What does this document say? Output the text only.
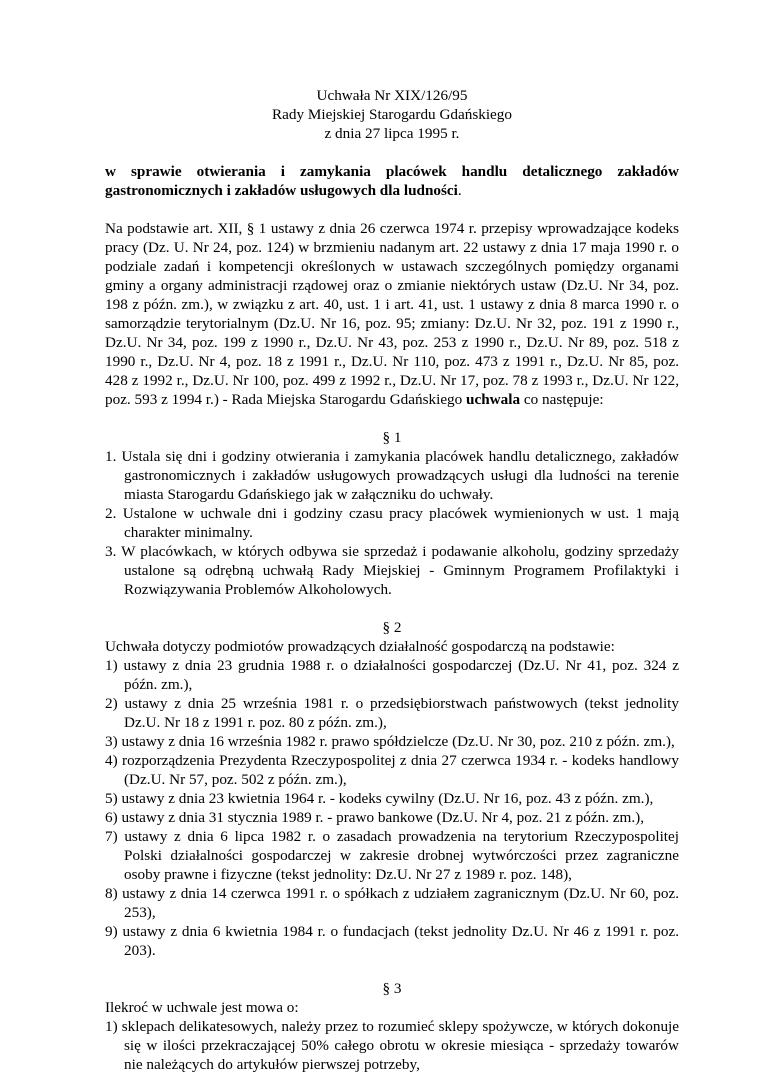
Uchwała Nr XIX/126/95
Rady Miejskiej Starogardu Gdańskiego
z dnia 27 lipca 1995 r.
w sprawie otwierania i zamykania placówek handlu detalicznego zakładów gastronomicznych i zakładów usługowych dla ludności.
Na podstawie art. XII, § 1 ustawy z dnia 26 czerwca 1974 r. przepisy wprowadzające kodeks pracy (Dz. U. Nr 24, poz. 124) w brzmieniu nadanym art. 22 ustawy z dnia 17 maja 1990 r. o podziale zadań i kompetencji określonych w ustawach szczególnych pomiędzy organami gminy a organy administracji rządowej oraz o zmianie niektórych ustaw (Dz.U. Nr 34, poz. 198 z późn. zm.), w związku z art. 40, ust. 1 i art. 41, ust. 1 ustawy z dnia 8 marca 1990 r. o samorządzie terytorialnym (Dz.U. Nr 16, poz. 95; zmiany: Dz.U. Nr 32, poz. 191 z 1990 r., Dz.U. Nr 34, poz. 199 z 1990 r., Dz.U. Nr 43, poz. 253 z 1990 r., Dz.U. Nr 89, poz. 518 z 1990 r., Dz.U. Nr 4, poz. 18 z 1991 r., Dz.U. Nr 110, poz. 473 z 1991 r., Dz.U. Nr 85, poz. 428 z 1992 r., Dz.U. Nr 100, poz. 499 z 1992 r., Dz.U. Nr 17, poz. 78 z 1993 r., Dz.U. Nr 122, poz. 593 z 1994 r.) - Rada Miejska Starogardu Gdańskiego uchwala co następuje:
§ 1
1. Ustala się dni i godziny otwierania i zamykania placówek handlu detalicznego, zakładów gastronomicznych i zakładów usługowych prowadzących usługi dla ludności na terenie miasta Starogardu Gdańskiego jak w załączniku do uchwały.
2. Ustalone w uchwale dni i godziny czasu pracy placówek wymienionych w ust. 1 mają charakter minimalny.
3. W placówkach, w których odbywa sie sprzedaż i podawanie alkoholu, godziny sprzedaży ustalone są odrębną uchwałą Rady Miejskiej - Gminnym Programem Profilaktyki i Rozwiązywania Problemów Alkoholowych.
§ 2
Uchwała dotyczy podmiotów prowadzących działalność gospodarczą na podstawie:
1) ustawy z dnia 23 grudnia 1988 r. o działalności gospodarczej (Dz.U. Nr 41, poz. 324 z późn. zm.),
2) ustawy z dnia 25 września 1981 r. o przedsiębiorstwach państwowych (tekst jednolity Dz.U. Nr 18 z 1991 r. poz. 80 z późn. zm.),
3) ustawy z dnia 16 września 1982 r. prawo spółdzielcze (Dz.U. Nr 30, poz. 210 z późn. zm.),
4) rozporządzenia Prezydenta Rzeczypospolitej z dnia 27 czerwca 1934 r. - kodeks handlowy (Dz.U. Nr 57, poz. 502 z późn. zm.),
5) ustawy z dnia 23 kwietnia 1964 r. - kodeks cywilny (Dz.U. Nr 16, poz. 43 z późn. zm.),
6) ustawy z dnia 31 stycznia 1989 r. - prawo bankowe (Dz.U. Nr 4, poz. 21 z późn. zm.),
7) ustawy z dnia 6 lipca 1982 r. o zasadach prowadzenia na terytorium Rzeczypospolitej Polski działalności gospodarczej w zakresie drobnej wytwórczości przez zagraniczne osoby prawne i fizyczne (tekst jednolity: Dz.U. Nr 27 z 1989 r. poz. 148),
8) ustawy z dnia 14 czerwca 1991 r. o spółkach z udziałem zagranicznym (Dz.U. Nr 60, poz. 253),
9) ustawy z dnia 6 kwietnia 1984 r. o fundacjach (tekst jednolity Dz.U. Nr 46 z 1991 r. poz. 203).
§ 3
Ilekroć w uchwale jest mowa o:
1) sklepach delikatesowych, należy przez to rozumieć sklepy spożywcze, w których dokonuje się w ilości przekraczającej 50% całego obrotu w okresie miesiąca - sprzedaży towarów nie należących do artykułów pierwszej potrzeby,
